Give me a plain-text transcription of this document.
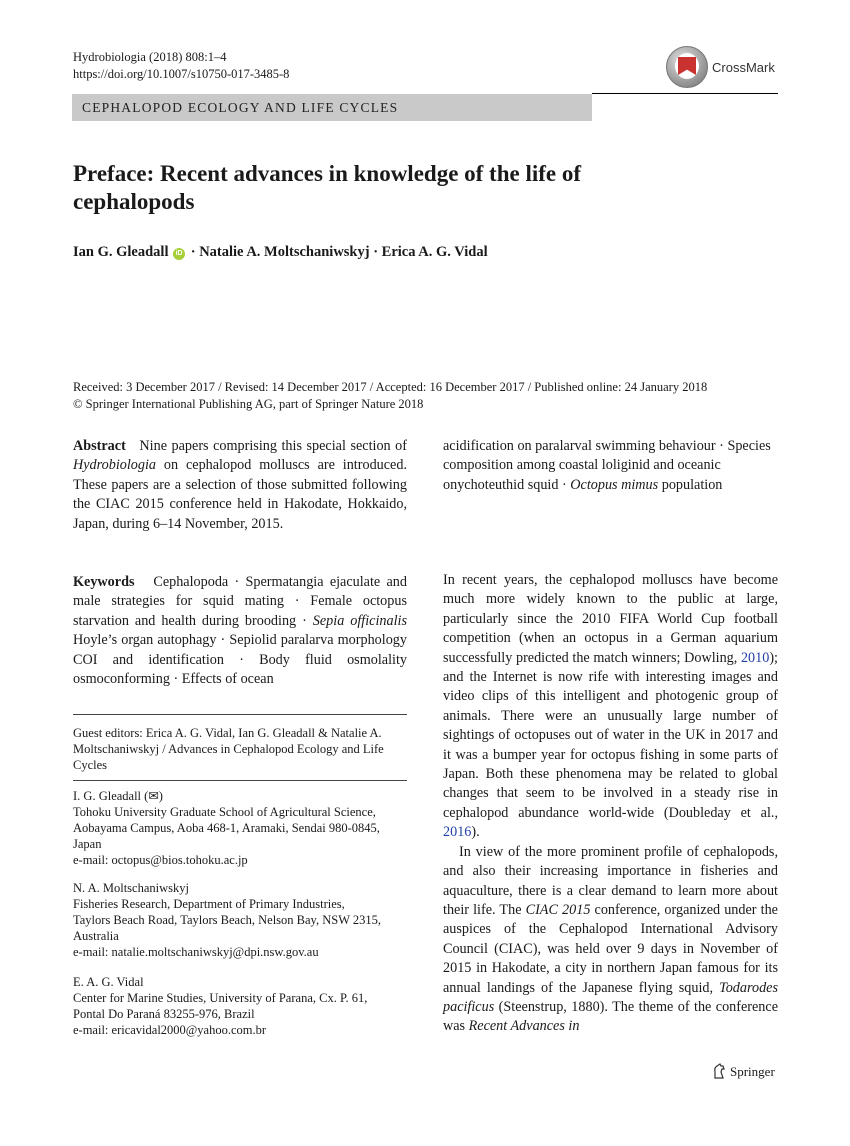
Hydrobiologia (2018) 808:1–4
https://doi.org/10.1007/s10750-017-3485-8	CrossMark
CEPHALOPOD ECOLOGY AND LIFE CYCLES
Preface: Recent advances in knowledge of the life of cephalopods
Ian G. Gleadall iD · Natalie A. Moltschaniwskyj · Erica A. G. Vidal
Received: 3 December 2017 / Revised: 14 December 2017 / Accepted: 16 December 2017 / Published online: 24 January 2018
© Springer International Publishing AG, part of Springer Nature 2018

Abstract Nine papers comprising this special section of Hydrobiologia on cephalopod molluscs are introduced. These papers are a selection of those submitted following the CIAC 2015 conference held in Hakodate, Hokkaido, Japan, during 6–14 November, 2015.

Keywords Cephalopoda · Spermatangia ejaculate and male strategies for squid mating · Female octopus starvation and health during brooding · Sepia officinalis Hoyle’s organ autophagy · Sepiolid paralarva morphology COI and identification · Body fluid osmolality osmoconforming · Effects of ocean

acidification on paralarval swimming behaviour · Species composition among coastal loliginid and oceanic onychoteuthid squid · Octopus mimus population

Guest editors: Erica A. G. Vidal, Ian G. Gleadall & Natalie A. Moltschaniwskyj / Advances in Cephalopod Ecology and Life Cycles
I. G. Gleadall (✉)
Tohoku University Graduate School of Agricultural Science, Aobayama Campus, Aoba 468-1, Aramaki, Sendai 980-0845, Japan
e-mail: octopus@bios.tohoku.ac.jp
N. A. Moltschaniwskyj
Fisheries Research, Department of Primary Industries, Taylors Beach Road, Taylors Beach, Nelson Bay, NSW 2315, Australia
e-mail: natalie.moltschaniwskyj@dpi.nsw.gov.au
E. A. G. Vidal
Center for Marine Studies, University of Parana, Cx. P. 61, Pontal Do Paraná 83255-976, Brazil
e-mail: ericavidal2000@yahoo.com.br

In recent years, the cephalopod molluscs have become much more widely known to the public at large, particularly since the 2010 FIFA World Cup football competition (when an octopus in a German aquarium successfully predicted the match winners; Dowling, 2010); and the Internet is now rife with interesting images and video clips of this intelligent and photogenic group of animals. There were an unusually large number of sightings of octopuses out of water in the UK in 2017 and it was a bumper year for octopus fishing in some parts of Japan. Both these phenomena may be related to global changes that seem to be involved in a steady rise in cephalopod abundance world-wide (Doubleday et al., 2016).

In view of the more prominent profile of cephalopods, and also their increasing importance in fisheries and aquaculture, there is a clear demand to learn more about their life. The CIAC 2015 conference, organized under the auspices of the Cephalopod International Advisory Council (CIAC), was held over 9 days in November of 2015 in Hakodate, a city in northern Japan famous for its annual landings of the Japanese flying squid, Todarodes pacificus (Steenstrup, 1880). The theme of the conference was Recent Advances in

Springer
